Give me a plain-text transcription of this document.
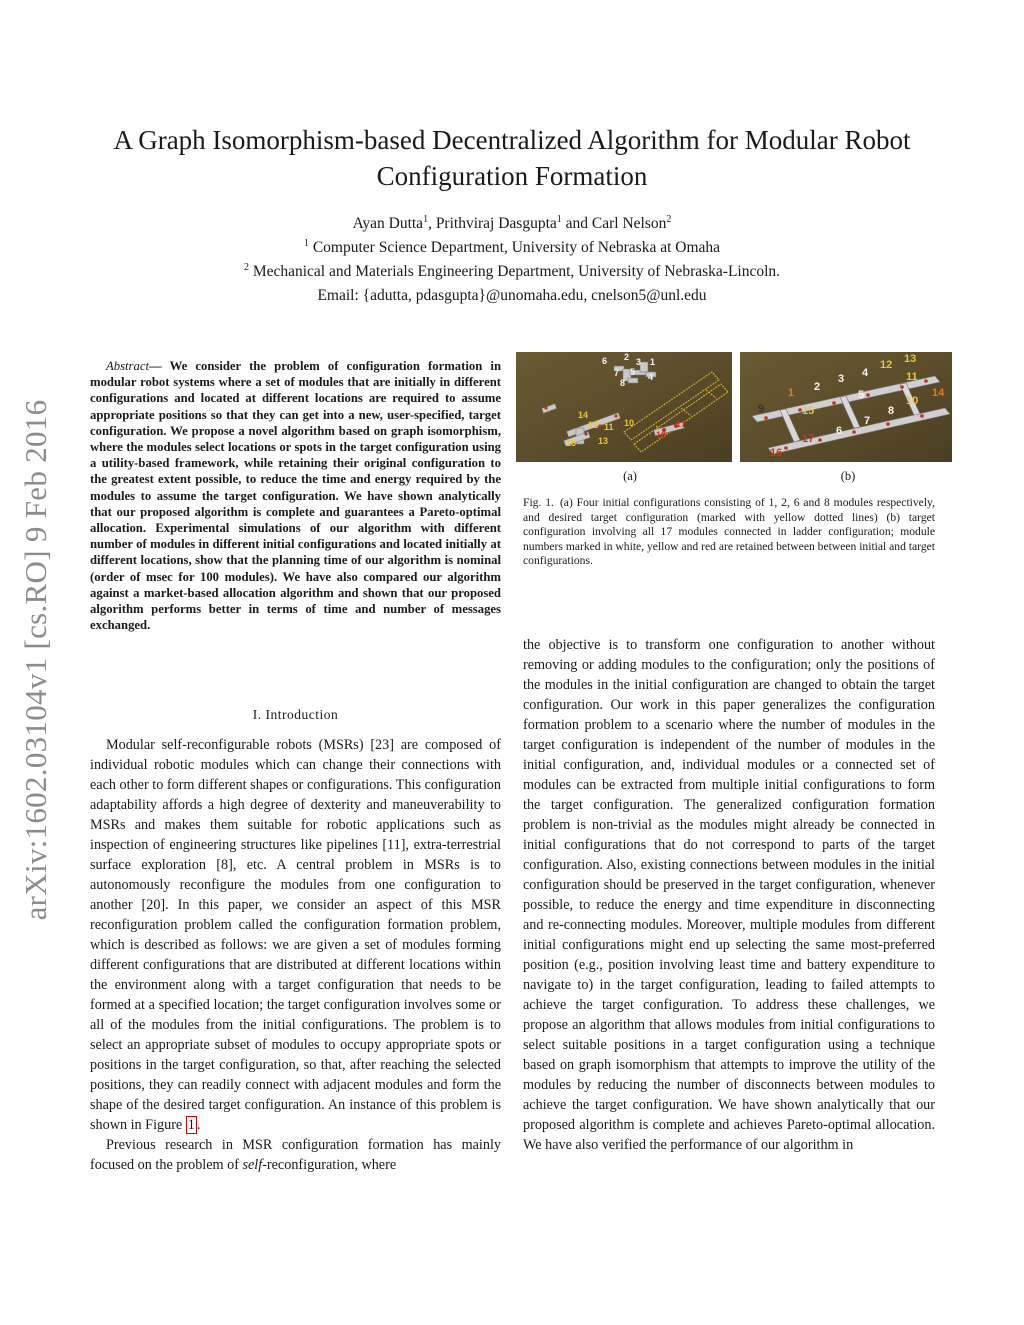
A Graph Isomorphism-based Decentralized Algorithm for Modular Robot
Configuration Formation
Ayan Dutta$^1$, Prithviraj Dasgupta$^1$ and Carl Nelson$^2$
$^1$ Computer Science Department, University of Nebraska at Omaha
$^2$ Mechanical and Materials Engineering Department, University of Nebraska-Lincoln.
Email: {adutta, pdasgupta}@unomaha.edu, cnelson5@unl.edu
arXiv:1602.03104v1 [cs.RO] 9 Feb 2016
Abstract— We consider the problem of configuration formation in modular robot systems where a set of modules that are initially in different configurations and located at different locations are required to assume appropriate positions so that they can get into a new, user-specified, target configuration. We propose a novel algorithm based on graph isomorphism, where the modules select locations or spots in the target configuration using a utility-based framework, while retaining their original configuration to the greatest extent possible, to reduce the time and energy required by the modules to assume the target configuration. We have shown analytically that our proposed algorithm is complete and guarantees a Pareto-optimal allocation. Experimental simulations of our algorithm with different number of modules in different initial configurations and located initially at different locations, show that the planning time of our algorithm is nominal (order of msec for 100 modules). We have also compared our algorithm against a market-based allocation algorithm and shown that our proposed algorithm performs better in terms of time and number of messages exchanged.
I. Introduction

Modular self-reconfigurable robots (MSRs) [23] are composed of individual robotic modules which can change their connections with each other to form different shapes or configurations. This configuration adaptability affords a high degree of dexterity and maneuverability to MSRs and makes them suitable for robotic applications such as inspection of engineering structures like pipelines [11], extra-terrestrial surface exploration [8], etc. A central problem in MSRs is to autonomously reconfigure the modules from one configuration to another [20]. In this paper, we consider an aspect of this MSR reconfiguration problem called the configuration formation problem, which is described as follows: we are given a set of modules forming different configurations that are distributed at different locations within the environment along with a target configuration that needs to be formed at a specified location; the target configuration involves some or all of the modules from the initial configurations. The problem is to select an appropriate subset of modules to occupy appropriate spots or positions in the target configuration, so that, after reaching the selected positions, they can readily connect with adjacent modules and form the shape of the desired target configuration. An instance of this problem is shown in Figure 1 .

Previous research in MSR configuration formation has mainly focused on the problem of self-reconfiguration, where

6
7
3 1
5 4
8
2
14
12 11 10
15 13
16
17
2
3 4
5
6
7
8
9
12 13
11
10
15
1	14
16
17
(a)	(b)
Fig. 1. (a) Four initial configurations consisting of 1, 2, 6 and 8 modules respectively, and desired target configuration (marked with yellow dotted lines) (b) target configuration involving all 17 modules connected in ladder configuration; module numbers marked in white, yellow and red are retained between between initial and target configurations.

the objective is to transform one configuration to another without removing or adding modules to the configuration; only the positions of the modules in the initial configuration are changed to obtain the target configuration. Our work in this paper generalizes the configuration formation problem to a scenario where the number of modules in the target configuration is independent of the number of modules in the initial configuration, and, individual modules or a connected set of modules can be extracted from multiple initial configurations to form the target configuration. The generalized configuration formation problem is non-trivial as the modules might already be connected in initial configurations that do not correspond to parts of the target configuration. Also, existing connections between modules in the initial configuration should be preserved in the target configuration, whenever possible, to reduce the energy and time expenditure in disconnecting and re-connecting modules. Moreover, multiple modules from different initial configurations might end up selecting the same most-preferred position (e.g., position involving least time and battery expenditure to navigate to) in the target configuration, leading to failed attempts to achieve the target configuration. To address these challenges, we propose an algorithm that allows modules from initial configurations to select suitable positions in a target configuration using a technique based on graph isomorphism that attempts to improve the utility of the modules by reducing the number of disconnects between modules to achieve the target configuration. We have shown analytically that our proposed algorithm is complete and achieves Pareto-optimal allocation. We have also verified the performance of our algorithm in
